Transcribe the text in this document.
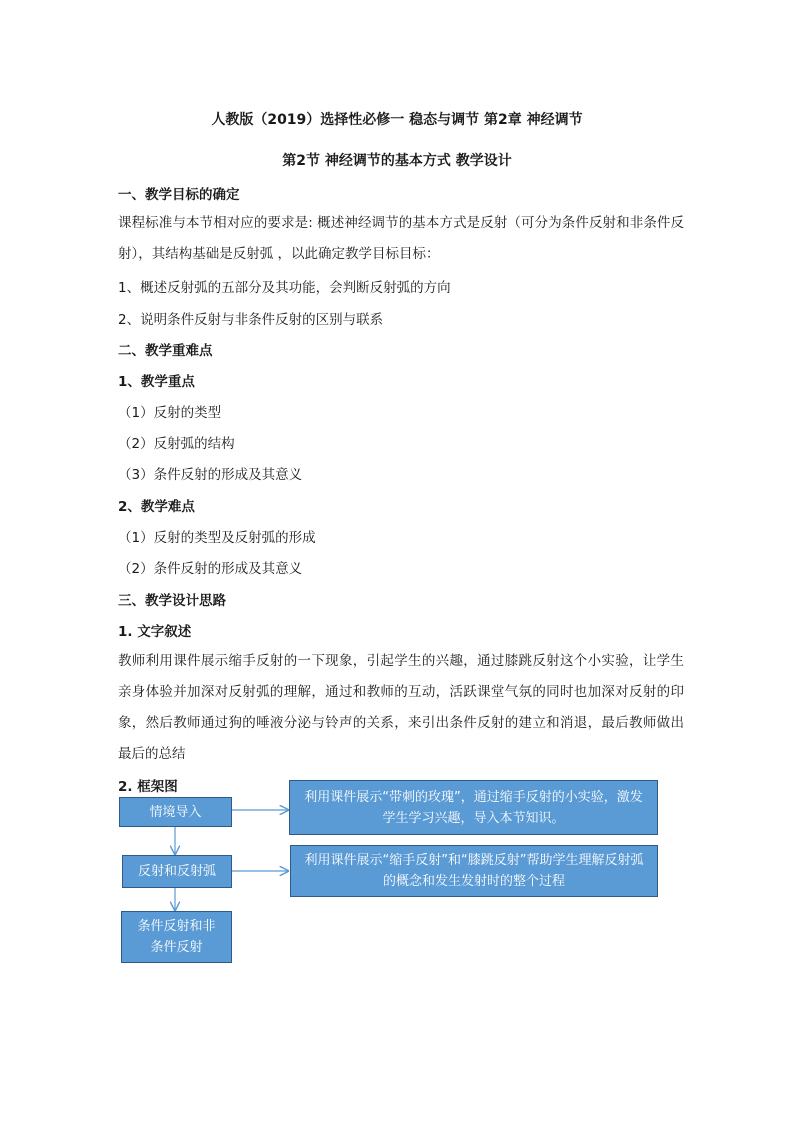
人教版（2019）选择性必修一 稳态与调节 第2章 神经调节
第2节 神经调节的基本方式 教学设计
一、教学目标的确定
课程标准与本节相对应的要求是: 概述神经调节的基本方式是反射（可分为条件反射和非条件反射），其结构基础是反射弧 ，以此确定教学目标目标：
1、概述反射弧的五部分及其功能，会判断反射弧的方向
2、说明条件反射与非条件反射的区别与联系
二、教学重难点
1、教学重点
（1）反射的类型
（2）反射弧的结构
（3）条件反射的形成及其意义
2、教学难点
（1）反射的类型及反射弧的形成
（2）条件反射的形成及其意义
三、教学设计思路
1. 文字叙述
教师利用课件展示缩手反射的一下现象，引起学生的兴趣，通过膝跳反射这个小实验，让学生亲身体验并加深对反射弧的理解，通过和教师的互动，活跃课堂气氛的同时也加深对反射的印象，然后教师通过狗的唾液分泌与铃声的关系，来引出条件反射的建立和消退，最后教师做出最后的总结
2. 框架图
情境导入
反射和反射弧
条件反射和非条件反射
利用课件展示“带刺的玫瑰”，通过缩手反射的小实验，激发学生学习兴趣，导入本节知识。
利用课件展示“缩手反射”和“膝跳反射”帮助学生理解反射弧的概念和发生发射时的整个过程
